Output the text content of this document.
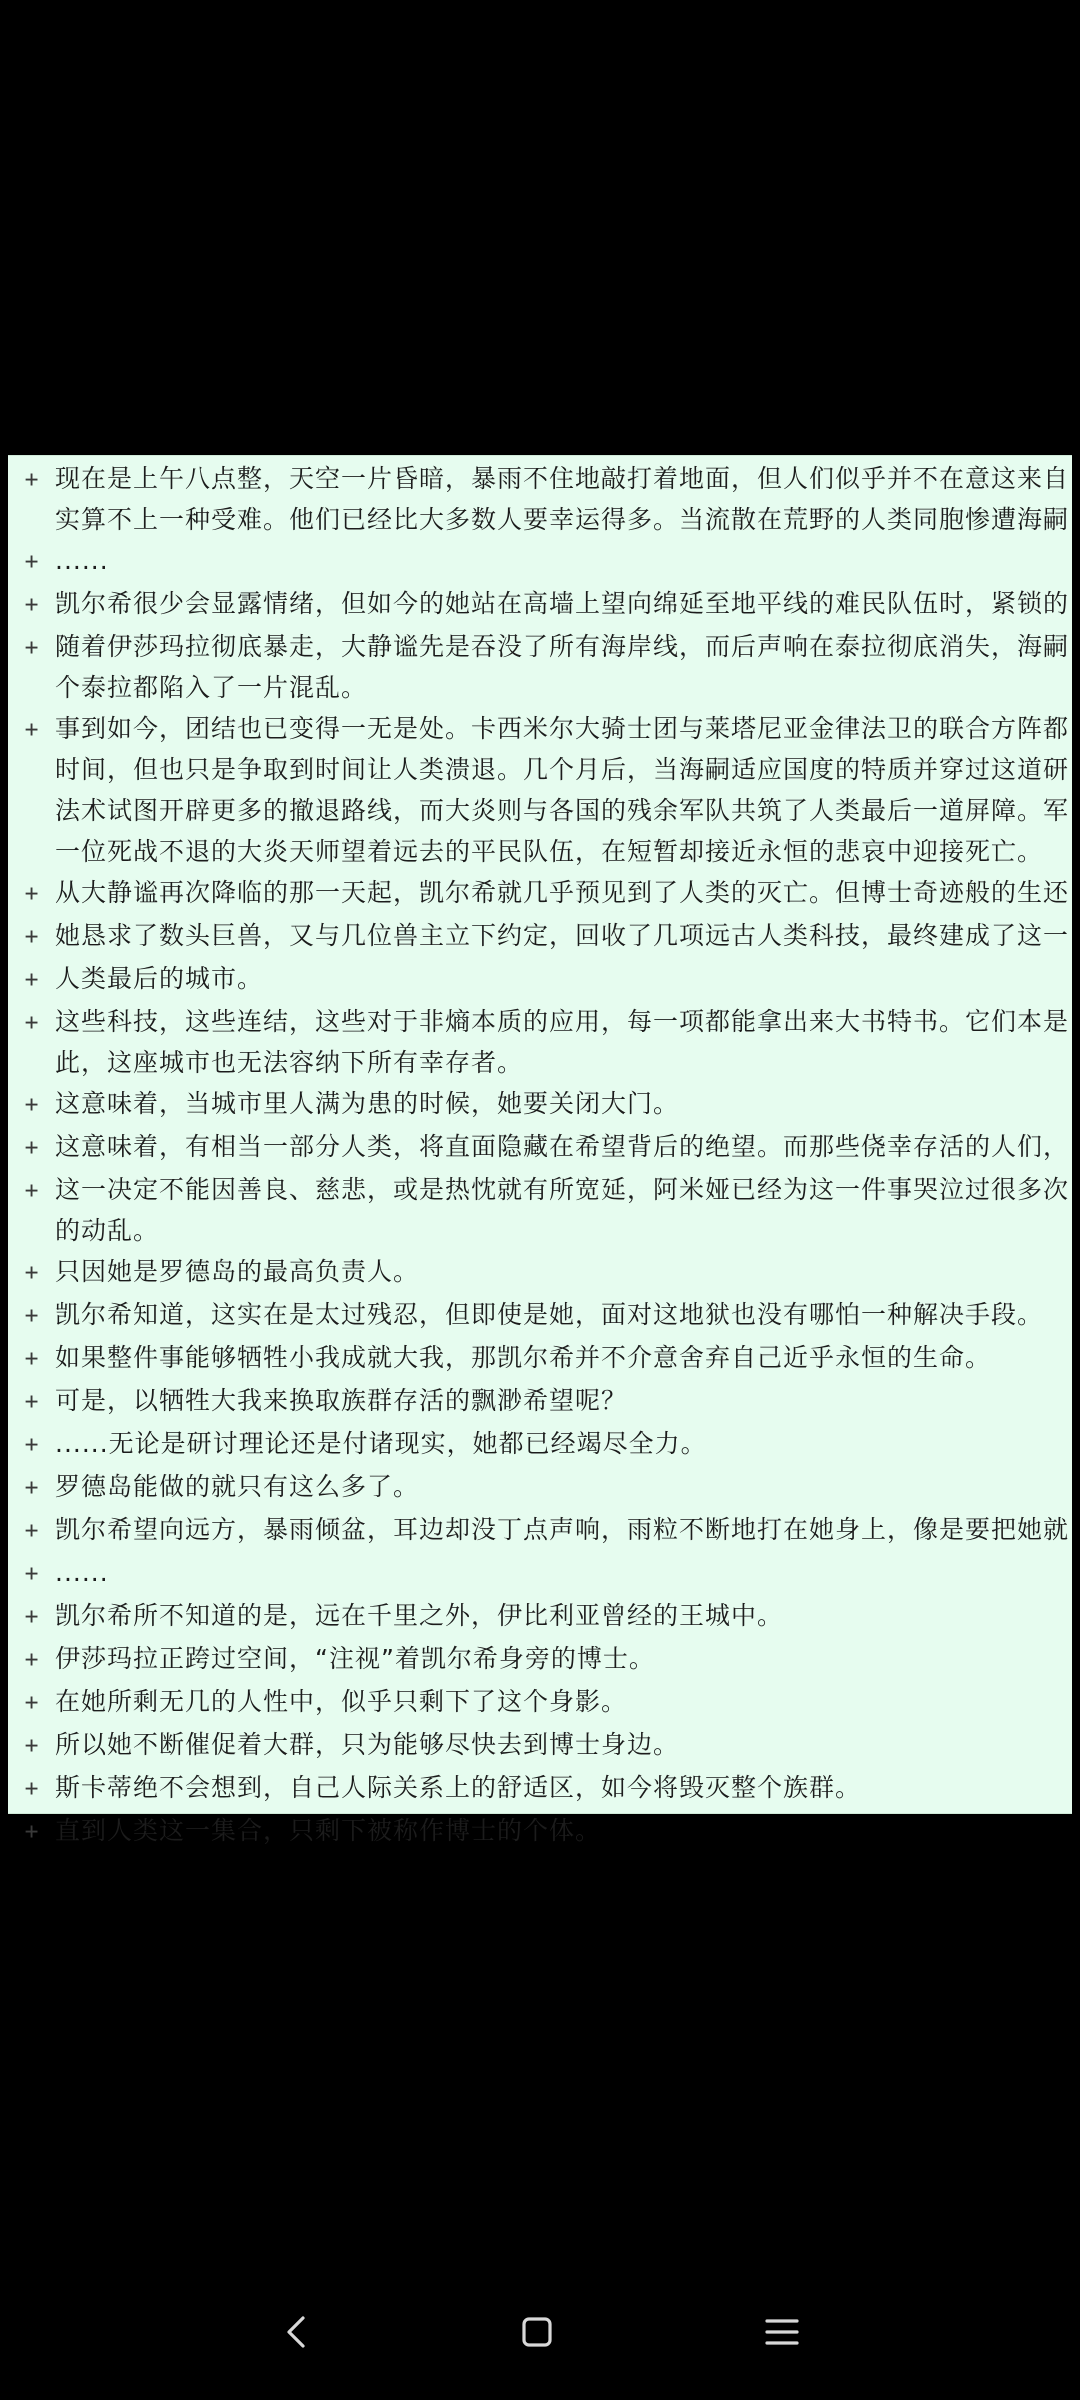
+ 现在是上午八点整，天空一片昏暗，暴雨不住地敲打着地面，但人们似乎并不在意这来自
实算不上一种受难。他们已经比大多数人要幸运得多。当流散在荒野的人类同胞惨遭海嗣
+ ......
+ 凯尔希很少会显露情绪，但如今的她站在高墙上望向绵延至地平线的难民队伍时，紧锁的
+ 随着伊莎玛拉彻底暴走，大静谧先是吞没了所有海岸线，而后声响在泰拉彻底消失，海嗣
个泰拉都陷入了一片混乱。
+ 事到如今，团结也已变得一无是处。卡西米尔大骑士团与莱塔尼亚金律法卫的联合方阵都
时间，但也只是争取到时间让人类溃退。几个月后，当海嗣适应国度的特质并穿过这道研
法术试图开辟更多的撤退路线，而大炎则与各国的残余军队共筑了人类最后一道屏障。军
一位死战不退的大炎天师望着远去的平民队伍，在短暂却接近永恒的悲哀中迎接死亡。
+ 从大静谧再次降临的那一天起，凯尔希就几乎预见到了人类的灭亡。但博士奇迹般的生还
+ 她恳求了数头巨兽，又与几位兽主立下约定，回收了几项远古人类科技，最终建成了这一
+ 人类最后的城市。
+ 这些科技，这些连结，这些对于非熵本质的应用，每一项都能拿出来大书特书。它们本是
此，这座城市也无法容纳下所有幸存者。
+ 这意味着，当城市里人满为患的时候，她要关闭大门。
+ 这意味着，有相当一部分人类，将直面隐藏在希望背后的绝望。而那些侥幸存活的人们，
+ 这一决定不能因善良、慈悲，或是热忱就有所宽延，阿米娅已经为这一件事哭泣过很多次
的动乱。
+ 只因她是罗德岛的最高负责人。
+ 凯尔希知道，这实在是太过残忍，但即使是她，面对这地狱也没有哪怕一种解决手段。
+ 如果整件事能够牺牲小我成就大我，那凯尔希并不介意舍弃自己近乎永恒的生命。
+ 可是，以牺牲大我来换取族群存活的飘渺希望呢？
+ ......无论是研讨理论还是付诸现实，她都已经竭尽全力。
+ 罗德岛能做的就只有这么多了。
+ 凯尔希望向远方，暴雨倾盆，耳边却没丁点声响，雨粒不断地打在她身上，像是要把她就
+ ......
+ 凯尔希所不知道的是，远在千里之外，伊比利亚曾经的王城中。
+ 伊莎玛拉正跨过空间，“注视”着凯尔希身旁的博士。
+ 在她所剩无几的人性中，似乎只剩下了这个身影。
+ 所以她不断催促着大群，只为能够尽快去到博士身边。
+ 斯卡蒂绝不会想到，自己人际关系上的舒适区，如今将毁灭整个族群。
+ 直到人类这一集合，只剩下被称作博士的个体。
